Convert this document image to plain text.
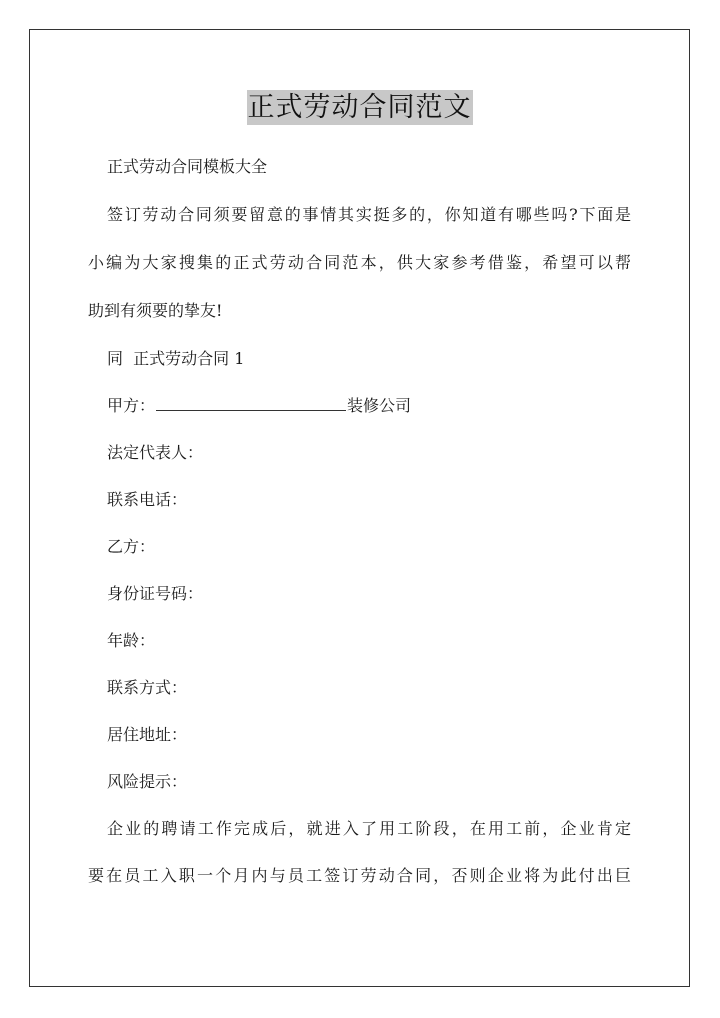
正式劳动合同范文
正式劳动合同模板大全
签订劳动合同须要留意的事情其实挺多的，你知道有哪些吗?下面是
小编为大家搜集的正式劳动合同范本，供大家参考借鉴，希望可以帮
助到有须要的挚友!
同  正式劳动合同 1
甲方：	装修公司
法定代表人：
联系电话：
乙方：
身份证号码：
年龄：
联系方式：
居住地址：
风险提示：
企业的聘请工作完成后，就进入了用工阶段，在用工前，企业肯定
要在员工入职一个月内与员工签订劳动合同，否则企业将为此付出巨
